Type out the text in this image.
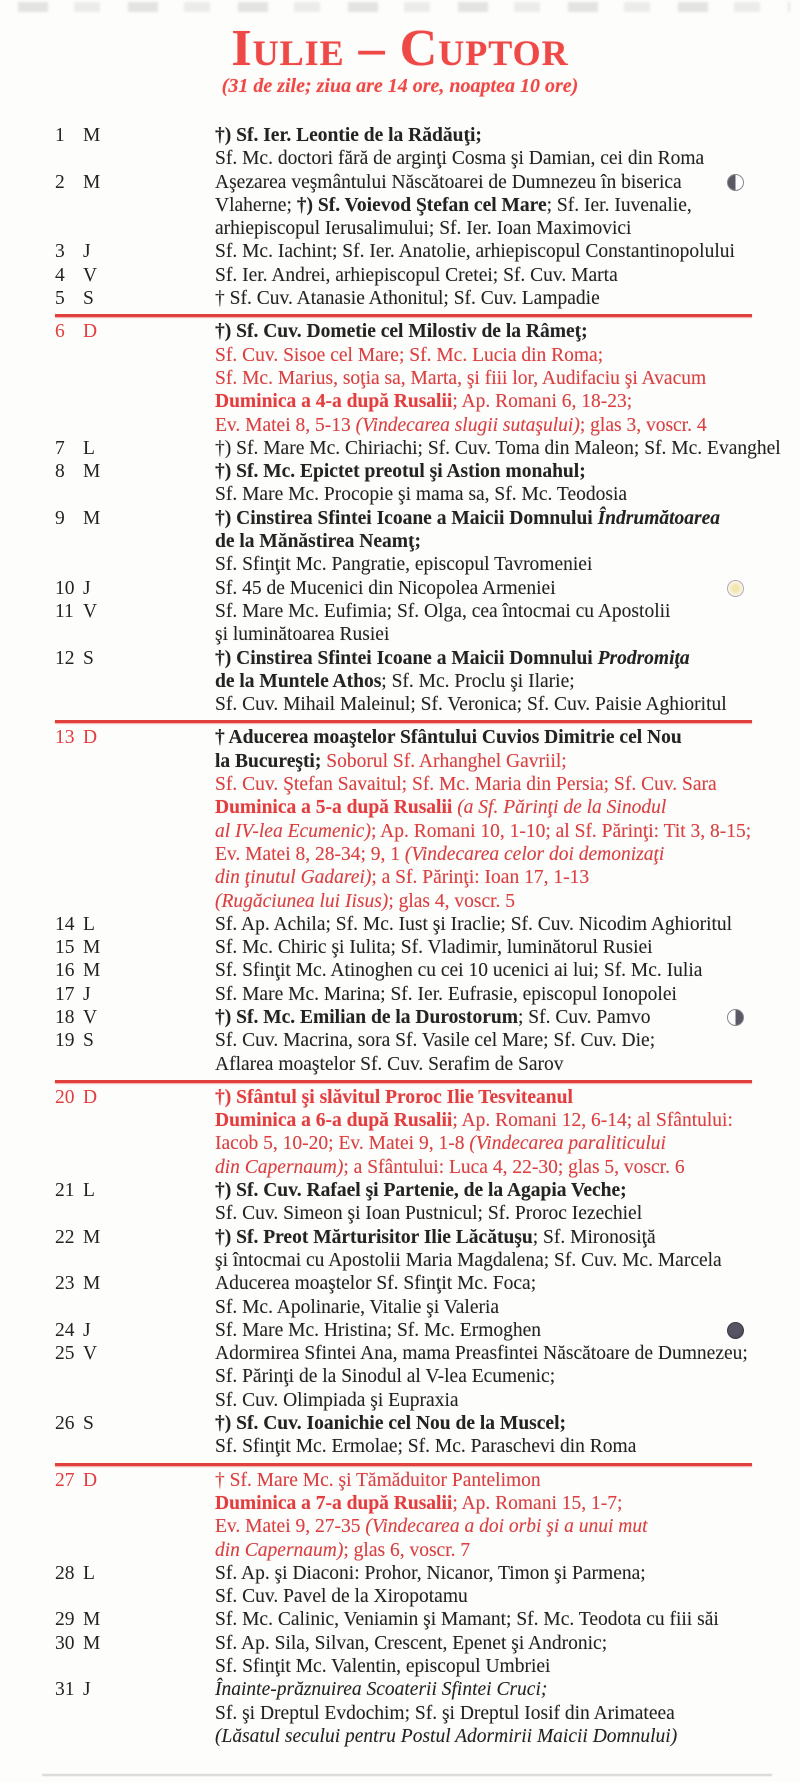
Iulie – Cuptor

(31 de zile; ziua are 14 ore, noaptea 10 ore)

1 M	†) Sf. Ier. Leontie de la Rădăuţi;
Sf. Mc. doctori fără de arginţi Cosma şi Damian, cei din Roma
2 M	Aşezarea veşmântului Născătoarei de Dumnezeu în biserica
Vlaherne; †) Sf. Voievod Ştefan cel Mare; Sf. Ier. Iuvenalie,
arhiepiscopul Ierusalimului; Sf. Ier. Ioan Maximovici
3 J	Sf. Mc. Iachint; Sf. Ier. Anatolie, arhiepiscopul Constantinopolului
4 V	Sf. Ier. Andrei, arhiepiscopul Cretei; Sf. Cuv. Marta
5 S	† Sf. Cuv. Atanasie Athonitul; Sf. Cuv. Lampadie
6 D	†) Sf. Cuv. Dometie cel Milostiv de la Râmeţ;
Sf. Cuv. Sisoe cel Mare; Sf. Mc. Lucia din Roma;
Sf. Mc. Marius, soţia sa, Marta, şi fiii lor, Audifaciu şi Avacum
Duminica a 4-a după Rusalii; Ap. Romani 6, 18-23;
Ev. Matei 8, 5-13 (Vindecarea slugii sutaşului); glas 3, voscr. 4
7 L	†) Sf. Mare Mc. Chiriachi; Sf. Cuv. Toma din Maleon; Sf. Mc. Evanghel
8 M	†) Sf. Mc. Epictet preotul şi Astion monahul;
Sf. Mare Mc. Procopie şi mama sa, Sf. Mc. Teodosia
9 M	†) Cinstirea Sfintei Icoane a Maicii Domnului Îndrumătoarea
de la Mănăstirea Neamţ;
Sf. Sfinţit Mc. Pangratie, episcopul Tavromeniei
10 J	Sf. 45 de Mucenici din Nicopolea Armeniei
11 V	Sf. Mare Mc. Eufimia; Sf. Olga, cea întocmai cu Apostolii
şi luminătoarea Rusiei
12 S	†) Cinstirea Sfintei Icoane a Maicii Domnului Prodromiţa
de la Muntele Athos; Sf. Mc. Proclu şi Ilarie;
Sf. Cuv. Mihail Maleinul; Sf. Veronica; Sf. Cuv. Paisie Aghioritul
13 D	† Aducerea moaştelor Sfântului Cuvios Dimitrie cel Nou
la Bucureşti; Soborul Sf. Arhanghel Gavriil;
Sf. Cuv. Ştefan Savaitul; Sf. Mc. Maria din Persia; Sf. Cuv. Sara
Duminica a 5-a după Rusalii (a Sf. Părinţi de la Sinodul
al IV-lea Ecumenic); Ap. Romani 10, 1-10; al Sf. Părinţi: Tit 3, 8-15;
Ev. Matei 8, 28-34; 9, 1 (Vindecarea celor doi demonizaţi
din ţinutul Gadarei); a Sf. Părinţi: Ioan 17, 1-13
(Rugăciunea lui Iisus); glas 4, voscr. 5
14 L	Sf. Ap. Achila; Sf. Mc. Iust şi Iraclie; Sf. Cuv. Nicodim Aghioritul
15 M	Sf. Mc. Chiric şi Iulita; Sf. Vladimir, luminătorul Rusiei
16 M	Sf. Sfinţit Mc. Atinoghen cu cei 10 ucenici ai lui; Sf. Mc. Iulia
17 J	Sf. Mare Mc. Marina; Sf. Ier. Eufrasie, episcopul Ionopolei
18 V	†) Sf. Mc. Emilian de la Durostorum; Sf. Cuv. Pamvo
19 S	Sf. Cuv. Macrina, sora Sf. Vasile cel Mare; Sf. Cuv. Die;
Aflarea moaştelor Sf. Cuv. Serafim de Sarov
20 D	†) Sfântul şi slăvitul Proroc Ilie Tesviteanul
Duminica a 6-a după Rusalii; Ap. Romani 12, 6-14; al Sfântului:
Iacob 5, 10-20; Ev. Matei 9, 1-8 (Vindecarea paraliticului
din Capernaum); a Sfântului: Luca 4, 22-30; glas 5, voscr. 6
21 L	†) Sf. Cuv. Rafael şi Partenie, de la Agapia Veche;
Sf. Cuv. Simeon şi Ioan Pustnicul; Sf. Proroc Iezechiel
22 M	†) Sf. Preot Mărturisitor Ilie Lăcătuşu; Sf. Mironosiţă
şi întocmai cu Apostolii Maria Magdalena; Sf. Cuv. Mc. Marcela
23 M	Aducerea moaştelor Sf. Sfinţit Mc. Foca;
Sf. Mc. Apolinarie, Vitalie şi Valeria
24 J	Sf. Mare Mc. Hristina; Sf. Mc. Ermoghen
25 V	Adormirea Sfintei Ana, mama Preasfintei Născătoare de Dumnezeu;
Sf. Părinţi de la Sinodul al V-lea Ecumenic;
Sf. Cuv. Olimpiada şi Eupraxia
26 S	†) Sf. Cuv. Ioanichie cel Nou de la Muscel;
Sf. Sfinţit Mc. Ermolae; Sf. Mc. Paraschevi din Roma
27 D	† Sf. Mare Mc. şi Tămăduitor Pantelimon
Duminica a 7-a după Rusalii; Ap. Romani 15, 1-7;
Ev. Matei 9, 27-35 (Vindecarea a doi orbi şi a unui mut
din Capernaum); glas 6, voscr. 7
28 L	Sf. Ap. şi Diaconi: Prohor, Nicanor, Timon şi Parmena;
Sf. Cuv. Pavel de la Xiropotamu
29 M	Sf. Mc. Calinic, Veniamin şi Mamant; Sf. Mc. Teodota cu fiii săi
30 M	Sf. Ap. Sila, Silvan, Crescent, Epenet şi Andronic;
Sf. Sfinţit Mc. Valentin, episcopul Umbriei
31 J	Înainte-prăznuirea Scoaterii Sfintei Cruci;
Sf. şi Dreptul Evdochim; Sf. şi Dreptul Iosif din Arimateea
(Lăsatul secului pentru Postul Adormirii Maicii Domnului)
